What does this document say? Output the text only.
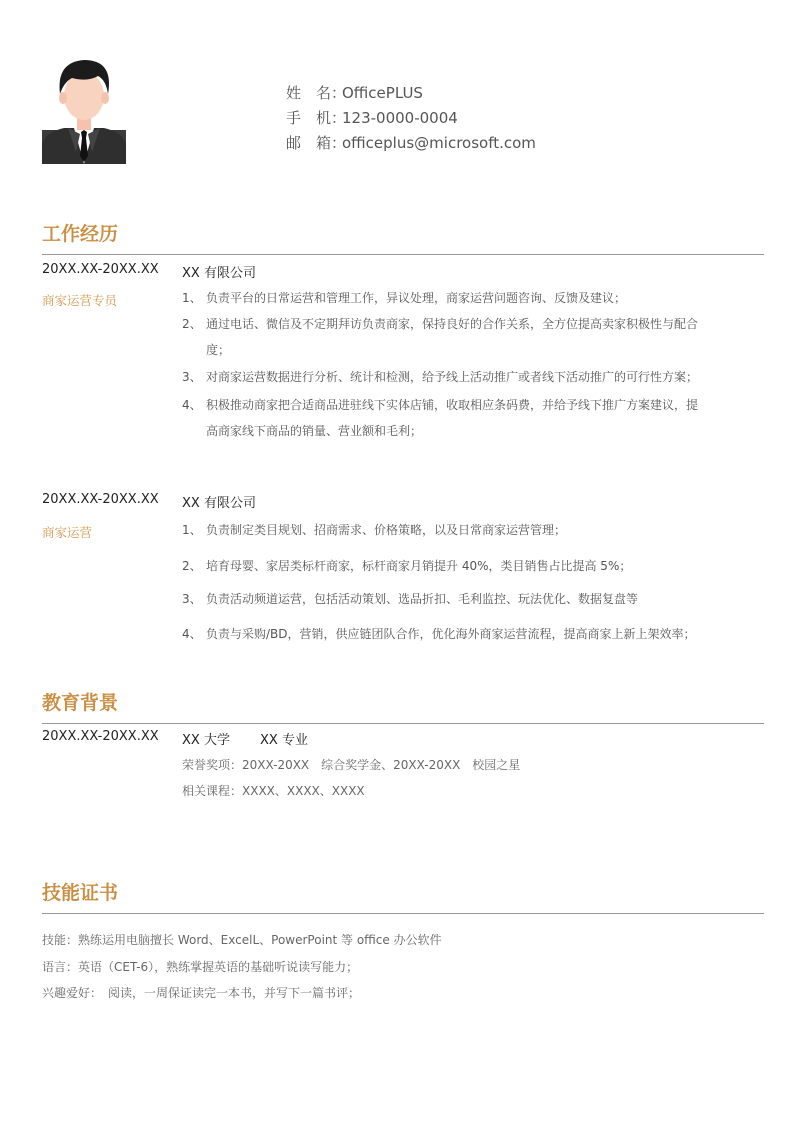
姓　名：OfficePLUS
手　机：123-0000-0004
邮　箱：officeplus@microsoft.com
工作经历
20XX.XX-20XX.XX XX 有限公司
商家运营专员	1、 负责平台的日常运营和管理工作，异议处理，商家运营问题咨询、反馈及建议；
2、 通过电话、微信及不定期拜访负责商家，保持良好的合作关系，全方位提高卖家积极性与配合
度；
3、 对商家运营数据进行分析、统计和检测，给予线上活动推广或者线下活动推广的可行性方案；
4、 积极推动商家把合适商品进驻线下实体店铺，收取相应条码费，并给予线下推广方案建议，提
高商家线下商品的销量、营业额和毛利；
20XX.XX-20XX.XX XX 有限公司
商家运营	1、 负责制定类目规划、招商需求、价格策略，以及日常商家运营管理；
2、 培育母婴、家居类标杆商家，标杆商家月销提升 40%，类目销售占比提高 5%；
3、 负责活动频道运营，包括活动策划、选品折扣、毛利监控、玩法优化、数据复盘等
4、 负责与采购/BD，营销，供应链团队合作，优化海外商家运营流程，提高商家上新上架效率；
教育背景
20XX.XX-20XX.XX XX 大学 XX 专业
荣誉奖项：20XX-20XX　综合奖学金、20XX-20XX　校园之星
相关课程：XXXX、XXXX、XXXX
技能证书
技能：熟练运用电脑擅长 Word、ExcelL、PowerPoint 等 office 办公软件
语言：英语（CET-6），熟练掌握英语的基础听说读写能力；
兴趣爱好：　阅读，一周保证读完一本书，并写下一篇书评；
